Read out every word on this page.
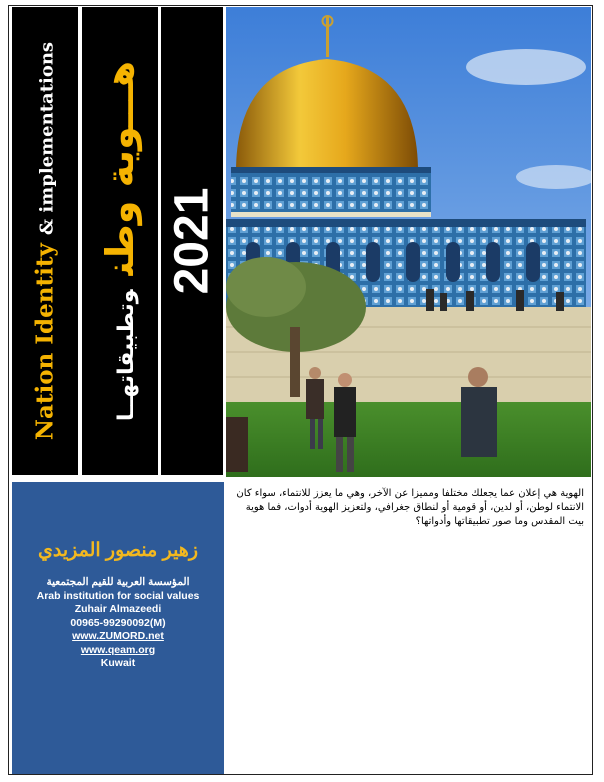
Nation Identity & implementations هـــوية وطنوتطبيقاتهــا
2021
زهير منصور المزيدي
المؤسسة العربية للقيم المجتمعية
Arab institution for social values
Zuhair Almazeedi
00965-99290092(M)
www.ZUMORD.net
www.qeam.org
Kuwait
الهوية هي إعلان عما يجعلك مختلفا ومميزا عن الآخر، وهي ما يعزز للانتماء، سواء كان الانتماء لوطن، أو لدين، أو قومية أو لنطاق جغرافي، ولتعزيز الهوية أدوات، فما هوية بيت المقدس وما صور تطبيقاتها وأدواتها؟
